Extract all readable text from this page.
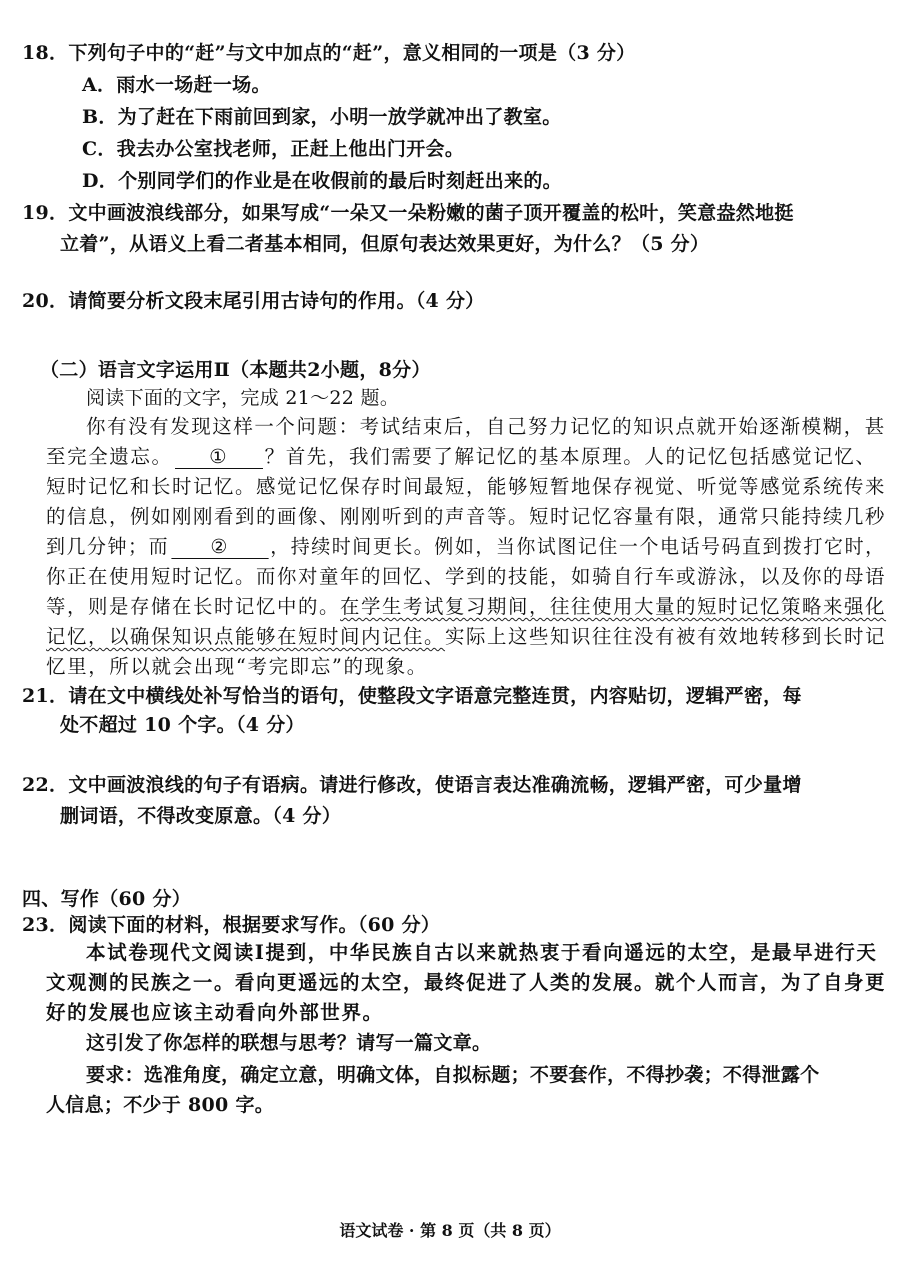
18．下列句子中的“赶”与文中加点的“赶”，意义相同的一项是（3 分）
A．雨水一场赶一场。
B．为了赶在下雨前回到家，小明一放学就冲出了教室。
C．我去办公室找老师，正赶上他出门开会。
D．个别同学们的作业是在收假前的最后时刻赶出来的。
19．文中画波浪线部分，如果写成“一朵又一朵粉嫩的菌子顶开覆盖的松叶，笑意盎然地挺
立着”，从语义上看二者基本相同，但原句表达效果更好，为什么？（5 分）
20．请简要分析文段末尾引用古诗句的作用。（4 分）
（二）语言文字运用Ⅱ（本题共2小题，8分）
阅读下面的文字，完成 21～22 题。
你有没有发现这样一个问题：考试结束后，自己努力记忆的知识点就开始逐渐模糊，甚
至完全遗忘。 ① ？首先，我们需要了解记忆的基本原理。人的记忆包括感觉记忆、
短时记忆和长时记忆。感觉记忆保存时间最短，能够短暂地保存视觉、听觉等感觉系统传来
的信息，例如刚刚看到的画像、刚刚听到的声音等。短时记忆容量有限，通常只能持续几秒
到几分钟；而 ② ，持续时间更长。例如，当你试图记住一个电话号码直到拨打它时，
你正在使用短时记忆。而你对童年的回忆、学到的技能，如骑自行车或游泳，以及你的母语
等，则是存储在长时记忆中的。在学生考试复习期间，往往使用大量的短时记忆策略来强化
记忆，以确保知识点能够在短时间内记住。实际上这些知识往往没有被有效地转移到长时记
忆里，所以就会出现“考完即忘”的现象。
21．请在文中横线处补写恰当的语句，使整段文字语意完整连贯，内容贴切，逻辑严密，每
处不超过 10 个字。（4 分）
22．文中画波浪线的句子有语病。请进行修改，使语言表达准确流畅，逻辑严密，可少量增
删词语，不得改变原意。（4 分）
四、写作（60 分）
23．阅读下面的材料，根据要求写作。（60 分）
本试卷现代文阅读Ⅰ提到，中华民族自古以来就热衷于看向遥远的太空，是最早进行天
文观测的民族之一。看向更遥远的太空，最终促进了人类的发展。就个人而言，为了自身更
好的发展也应该主动看向外部世界。
这引发了你怎样的联想与思考？请写一篇文章。
要求：选准角度，确定立意，明确文体，自拟标题；不要套作，不得抄袭；不得泄露个
人信息；不少于 800 字。
语文试卷 · 第 8 页（共 8 页）
